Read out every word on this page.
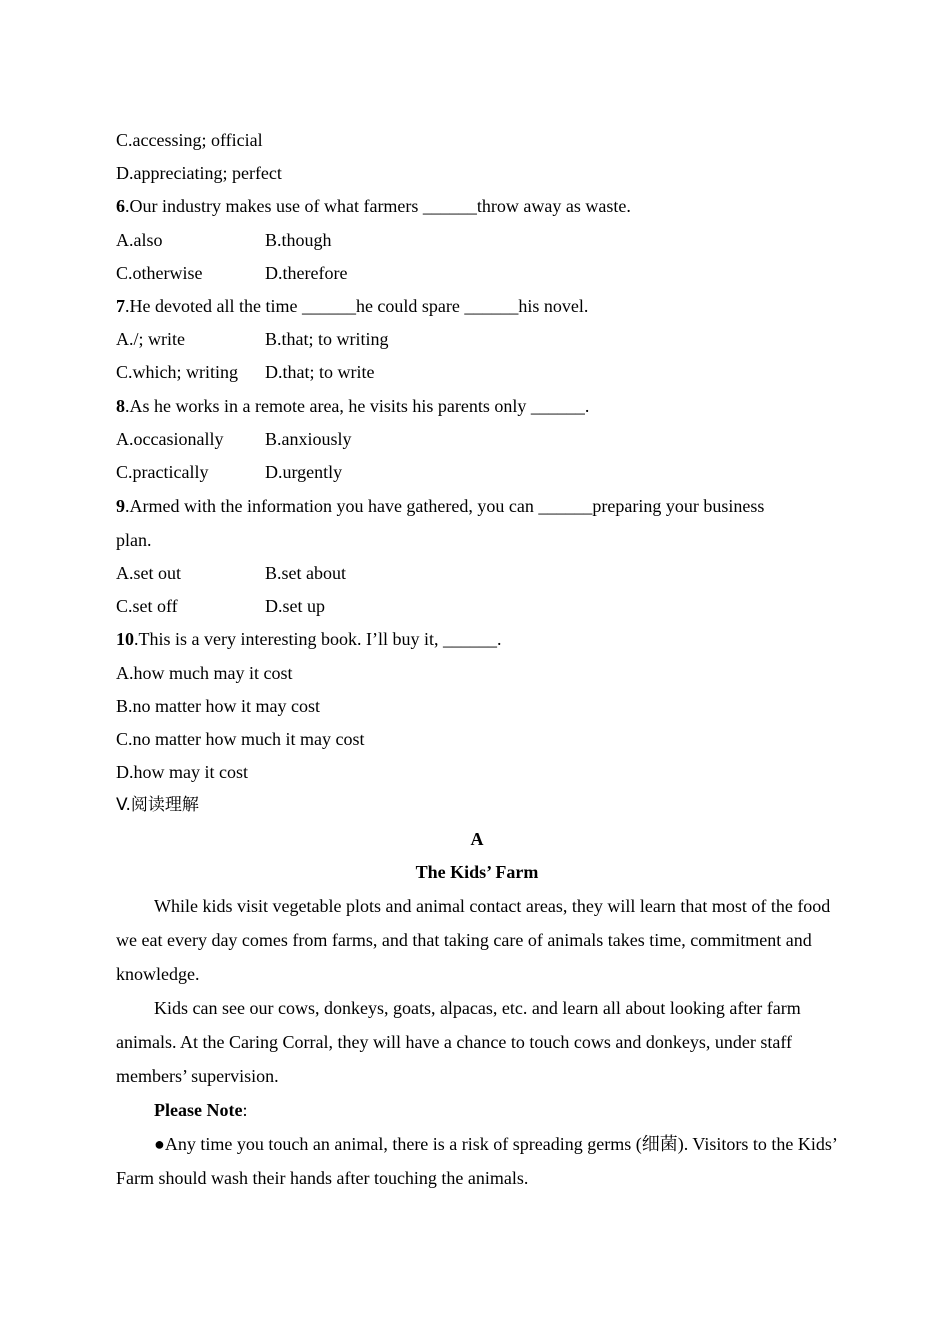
C.accessing; official
D.appreciating; perfect
6.Our industry makes use of what farmers ______throw away as waste.
A.also	B.though
C.otherwise	D.therefore
7.He devoted all the time ______he could spare ______his novel.
A./; write	B.that; to writing
C.which; writing D.that; to write
8.As he works in a remote area, he visits his parents only ______.
A.occasionally B.anxiously
C.practically	D.urgently
9.Armed with the information you have gathered, you can ______preparing your business
plan.
A.set out	B.set about
C.set off	D.set up
10.This is a very interesting book. I’ll buy it, ______.
A.how much may it cost
B.no matter how it may cost
C.no matter how much it may cost
D.how may it cost
V.阅读理解
A
The Kids’ Farm
While kids visit vegetable plots and animal contact areas, they will learn that most of the food we eat every day comes from farms, and that taking care of animals takes time, commitment and knowledge.
Kids can see our cows, donkeys, goats, alpacas, etc. and learn all about looking after farm animals. At the Caring Corral, they will have a chance to touch cows and donkeys, under staff members’ supervision.
Please Note:
●Any time you touch an animal, there is a risk of spreading germs (细菌). Visitors to the Kids’ Farm should wash their hands after touching the animals.
